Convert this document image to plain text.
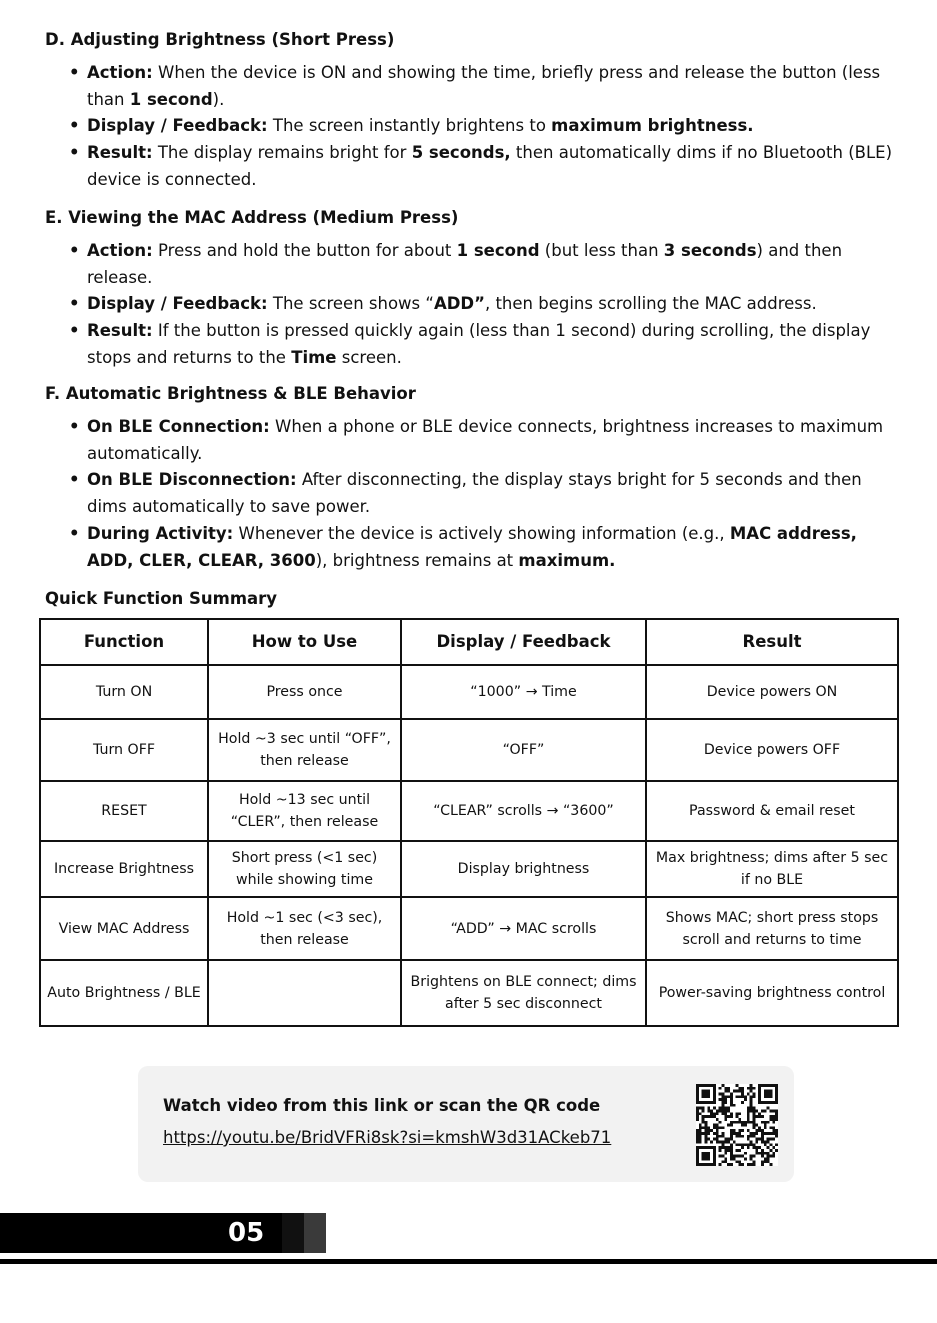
D. Adjusting Brightness (Short Press)
• Action: When the device is ON and showing the time, briefly press and release the button (less than 1 second).
• Display / Feedback: The screen instantly brightens to maximum brightness.
• Result: The display remains bright for 5 seconds, then automatically dims if no Bluetooth (BLE) device is connected.
E. Viewing the MAC Address (Medium Press)
• Action: Press and hold the button for about 1 second (but less than 3 seconds) and then release.
• Display / Feedback: The screen shows “ADD”, then begins scrolling the MAC address.
• Result: If the button is pressed quickly again (less than 1 second) during scrolling, the display stops and returns to the Time screen.
F. Automatic Brightness & BLE Behavior
• On BLE Connection: When a phone or BLE device connects, brightness increases to maximum automatically.
• On BLE Disconnection: After disconnecting, the display stays bright for 5 seconds and then dims automatically to save power.
• During Activity: Whenever the device is actively showing information (e.g., MAC address, ADD, CLER, CLEAR, 3600), brightness remains at maximum.
Quick Function Summary
Function	How to Use	Display / Feedback	Result
Turn ON	Press once	“1000” → Time	Device powers ON
Turn OFF	Hold ~3 sec until “OFF”, then release	“OFF”	Device powers OFF
RESET	Hold ~13 sec until “CLER”, then release	“CLEAR” scrolls → “3600”	Password & email reset
Increase Brightness	Short press (<1 sec) while showing time	Display brightness	Max brightness; dims after 5 sec if no BLE
View MAC Address	Hold ~1 sec (<3 sec), then release	“ADD” → MAC scrolls	Shows MAC; short press stops scroll and returns to time
Auto Brightness / BLE		Brightens on BLE connect; dims after 5 sec disconnect	Power-saving brightness control

Watch video from this link or scan the QR code

https://youtu.be/BridVFRi8sk?si=kmshW3d31ACkeb71

05
